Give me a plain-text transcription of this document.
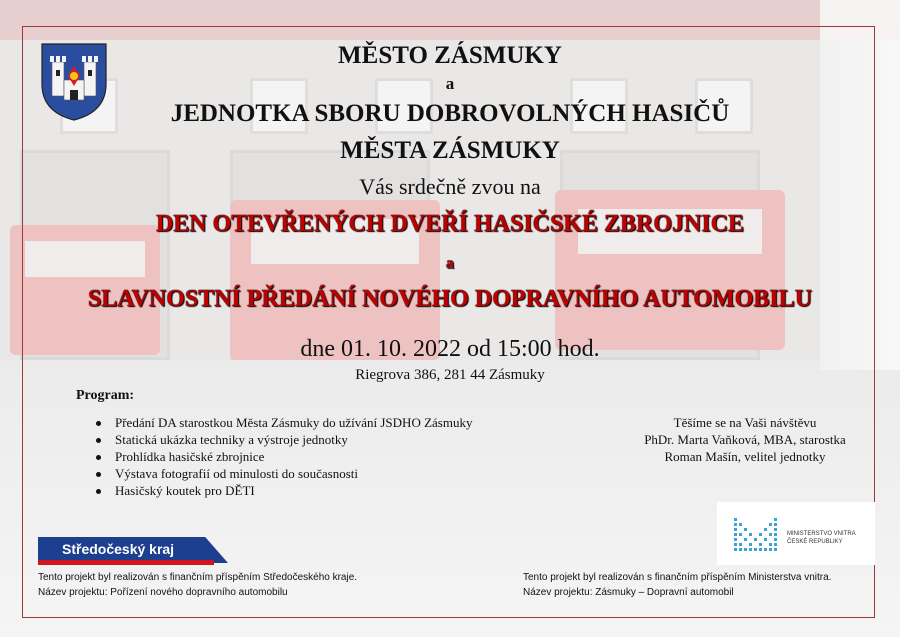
MĚSTO ZÁSMUKY
a
JEDNOTKA SBORU DOBROVOLNÝCH HASIČŮ
MĚSTA ZÁSMUKY
Vás srdečně zvou na
DEN OTEVŘENÝCH DVEŘÍ HASIČSKÉ ZBROJNICE
a
SLAVNOSTNÍ PŘEDÁNÍ NOVÉHO DOPRAVNÍHO AUTOMOBILU
dne 01. 10. 2022 od 15:00 hod.
Riegrova 386, 281 44 Zásmuky
Program:
Předání DA starostkou Města Zásmuky do užívání JSDHO Zásmuky
Statická ukázka techniky a výstroje jednotky
Prohlídka hasičské zbrojnice
Výstava fotografií od minulosti do současnosti
Hasičský koutek pro DĚTI
Těšíme se na Vaši návštěvu
PhDr. Marta Vaňková, MBA, starostka
Roman Mašín, velitel jednotky
Středočeský kraj
MINISTERSTVO VNITRA
ČESKÉ REPUBLIKY
Tento projekt byl realizován s finančním příspěním Středočeského kraje.
Název projektu: Pořízení nového dopravního automobilu
Tento projekt byl realizován s finančním příspěním Ministerstva vnitra.
Název projektu: Zásmuky – Dopravní automobil
